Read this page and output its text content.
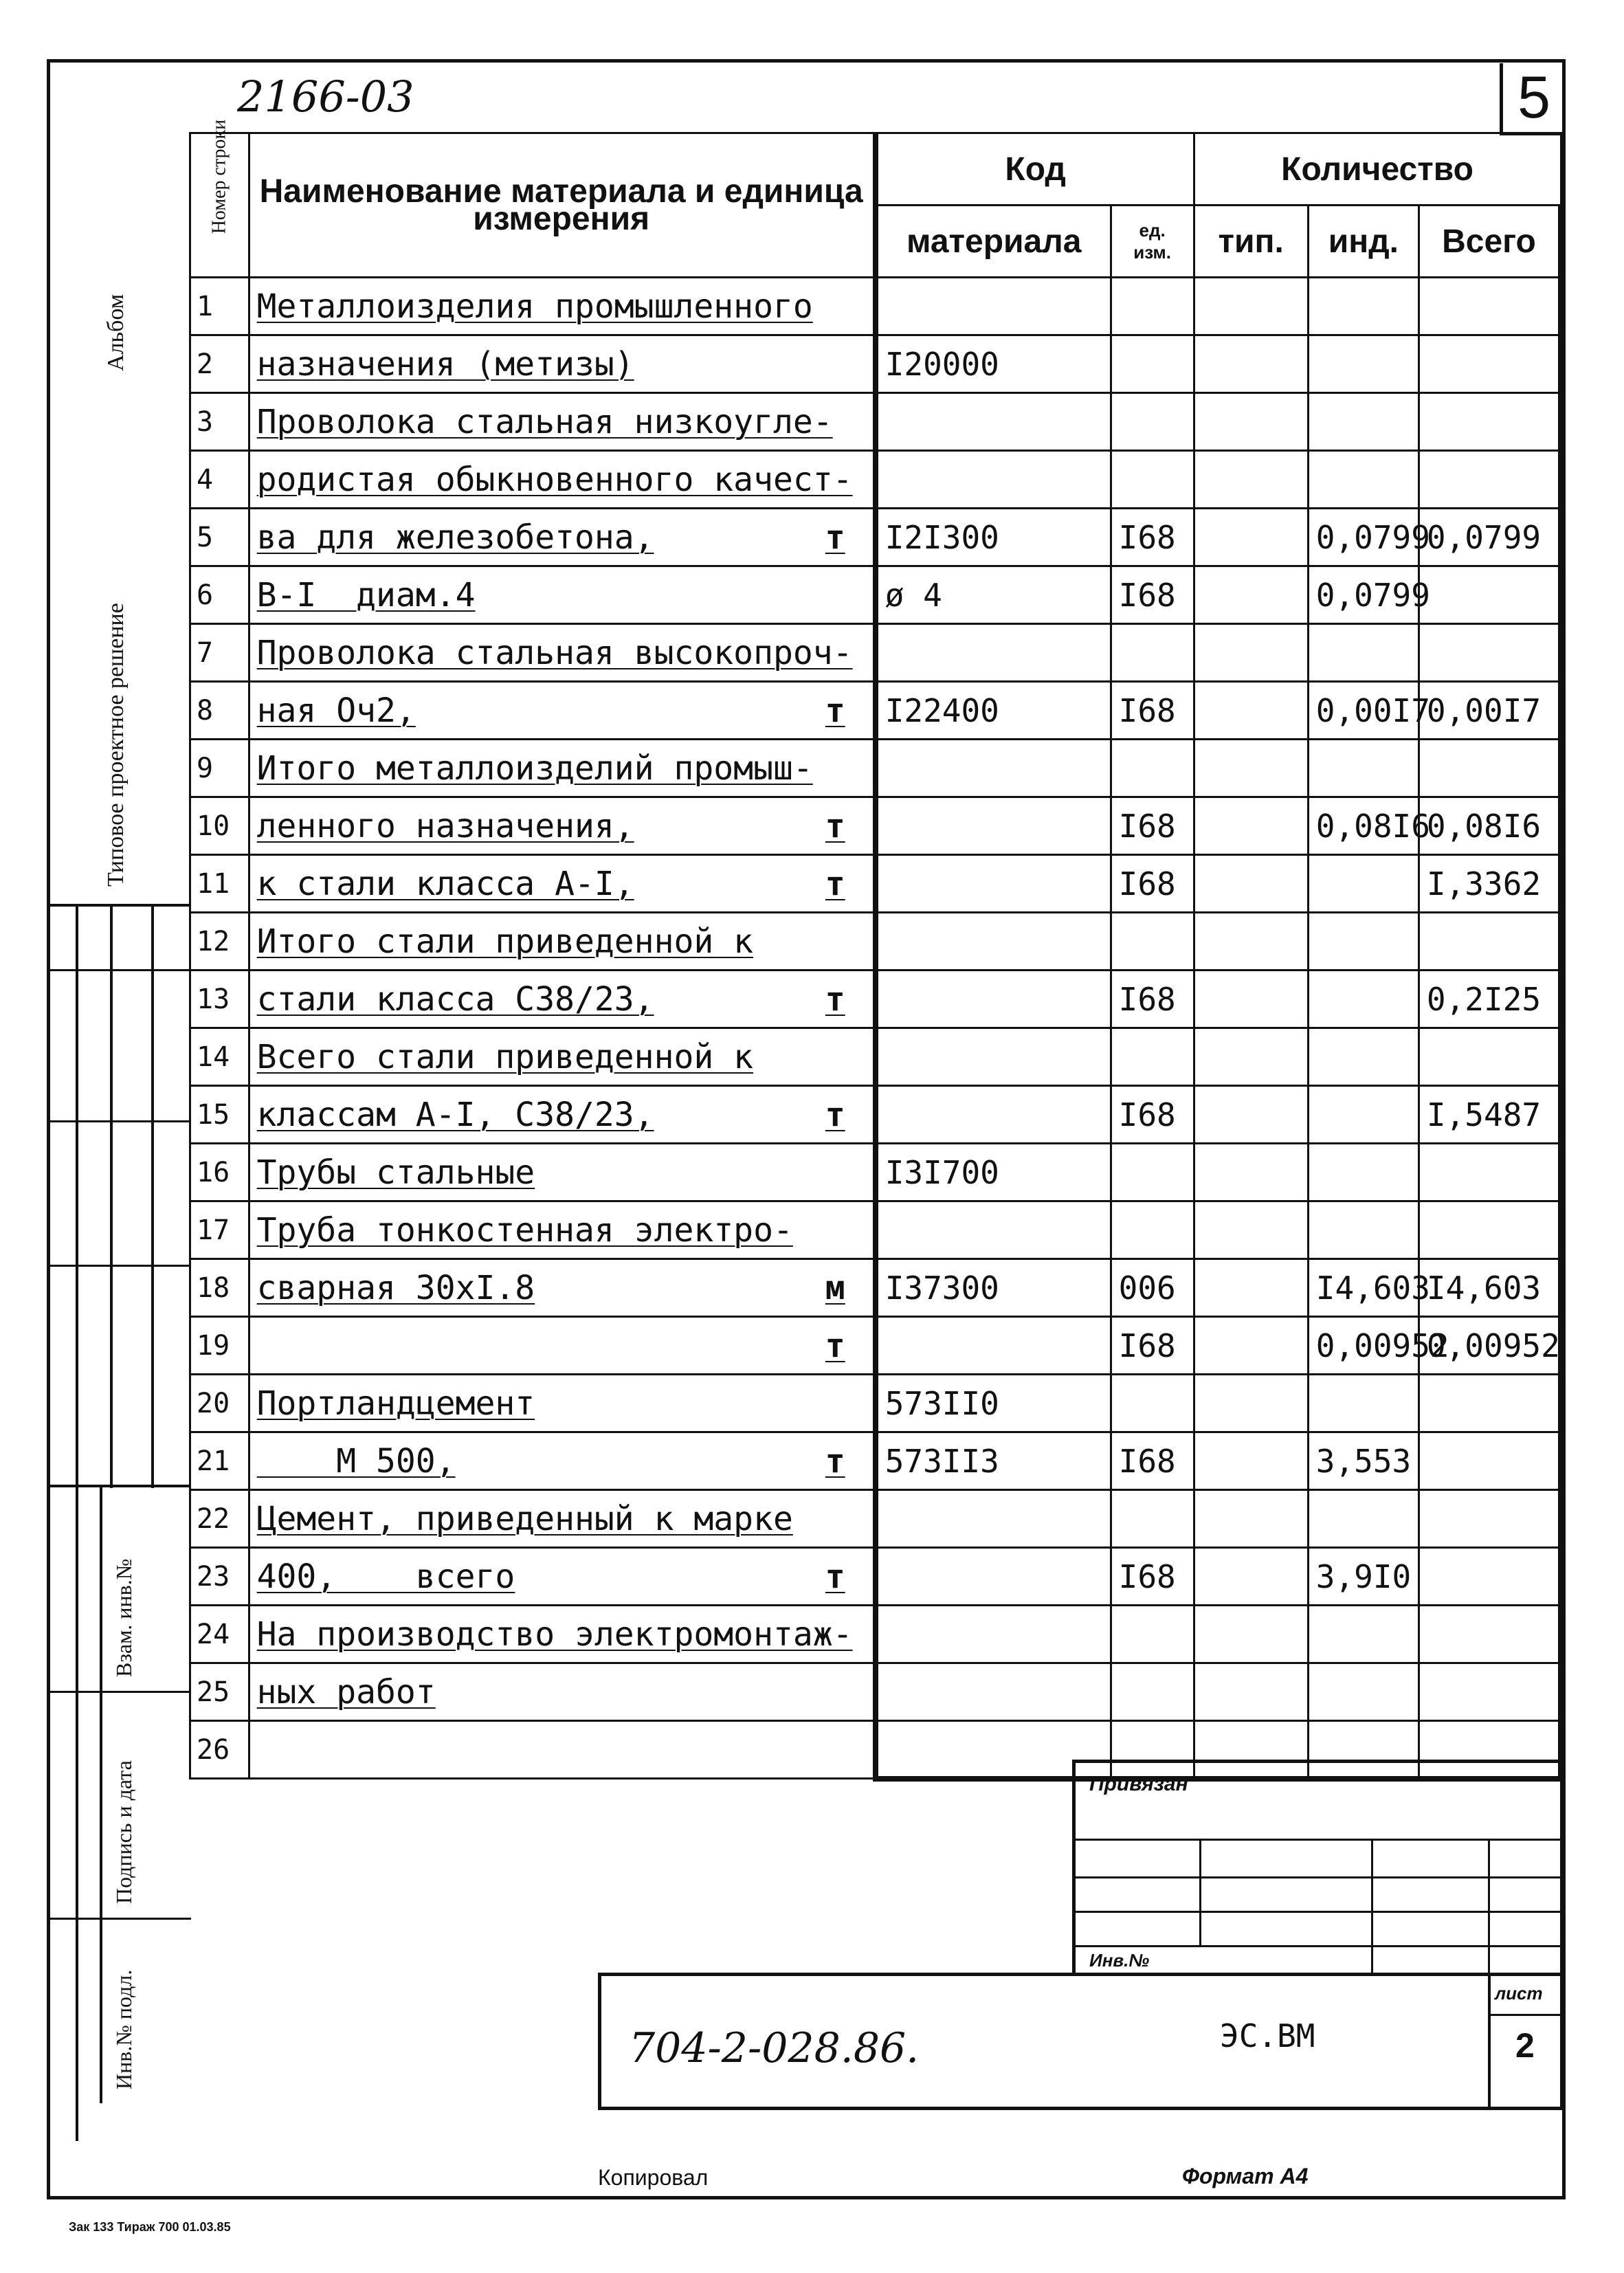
2166-03	5
Альбом
Типовое проектное решение
Взам. инв.№
Подпись и дата
Инв.№ подл.
Номер строки	Наименование материала и единица измерения	Код		Количество		
		материала	ед. изм.	тип.	инд.	Всего
1	Металлоизделия промышленного					

2	назначения (метизы)	I20000				
3	Проволока стальная низкоугле-					

4	родистая обыкновенного качест-					

5	ва для железобетона, т	I2I300	I68		0,0799	0,0799
6	В-I  диам.4	ø 4	I68		0,0799	
7	Проволока стальная высокопроч-					

8	ная Оч2, т	I22400	I68		0,00I7	0,00I7
9	Итого металлоизделий промыш-					

10	ленного назначения, т		I68		0,08I6	0,08I6
11	к стали класса А-I, т		I68			I,3362
12	Итого стали приведенной к					

13	стали класса С38/23, т		I68			0,2I25
14	Всего стали приведенной к					

15	классам А-I, С38/23, т		I68			I,5487
16	Трубы стальные	I3I700				
17	Труба тонкостенная электро-					

18	сварная 30хI.8 м	I37300	006		I4,603	I4,603
19	т		I68		0,00952	0,00952
20	Портландцемент	573II0				
21	М 500, т	573II3	I68		3,553	
22	Цемент, приведенный к марке					

23	400,    всего т		I68		3,9I0	
24	На производство электромонтаж-					

25	ных работ					

26	

Привязан
Инв.№
704-2-028.86.	ЭС.ВМ
лист
2
Копировал	Формат А4
Зак 133 Тираж 700 01.03.85
